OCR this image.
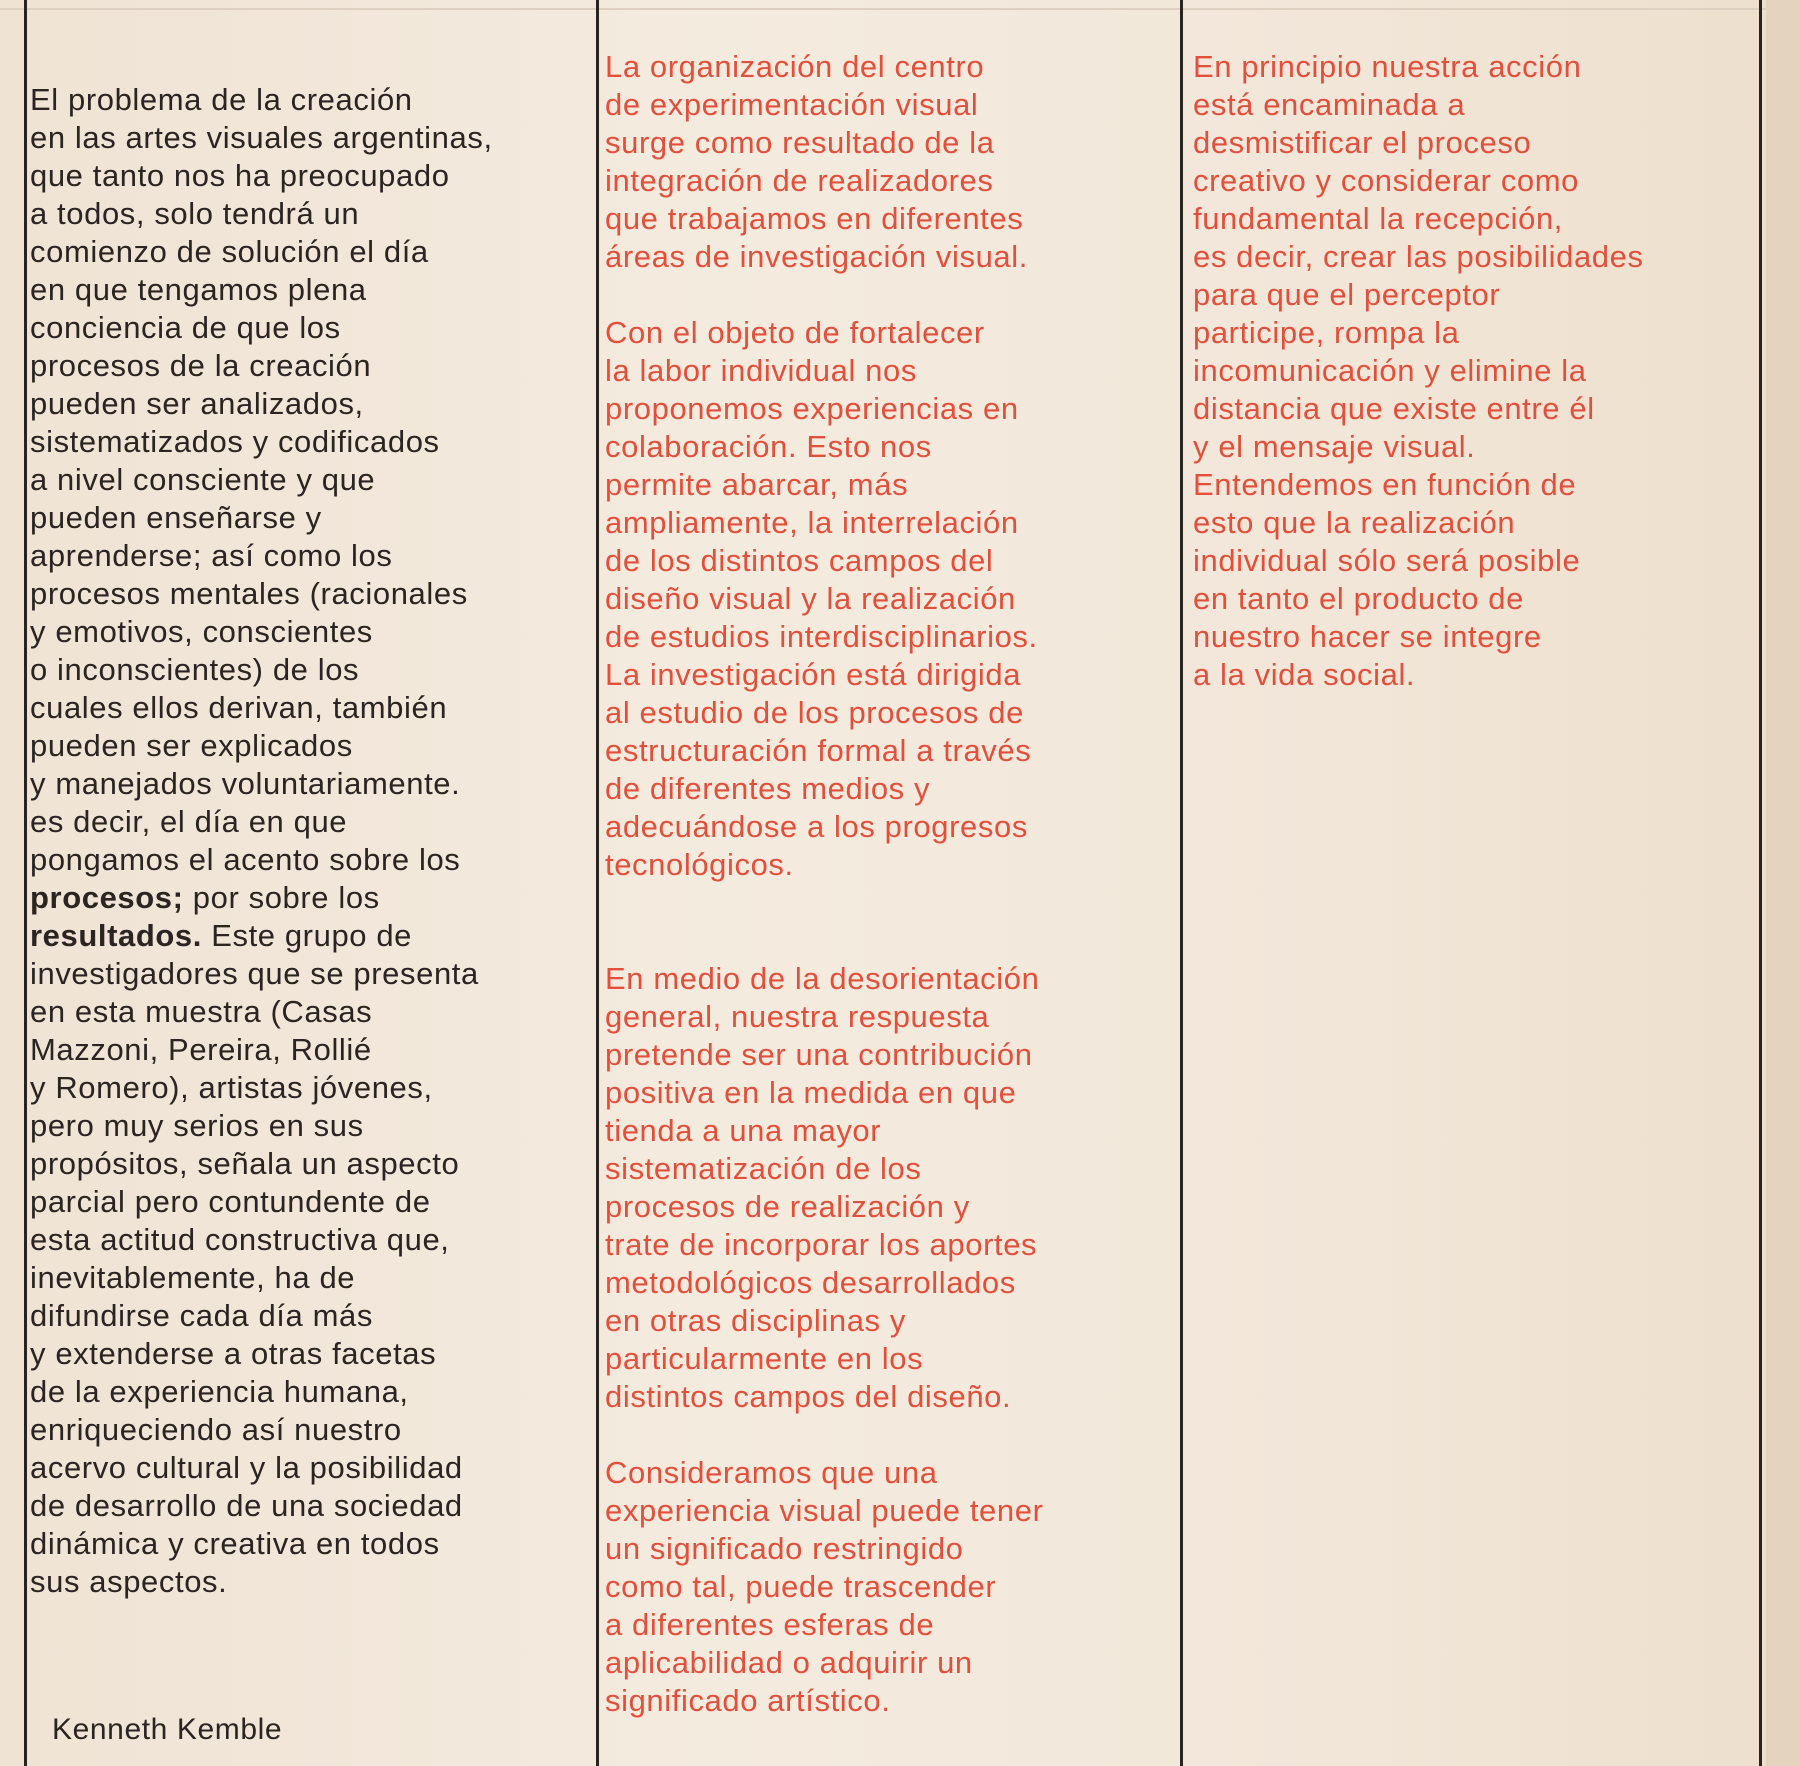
El problema de la creación
en las artes visuales argentinas,
que tanto nos ha preocupado
a todos, solo tendrá un
comienzo de solución el día
en que tengamos plena
conciencia de que los
procesos de la creación
pueden ser analizados,
sistematizados y codificados
a nivel consciente y que
pueden enseñarse y
aprenderse; así como los
procesos mentales (racionales
y emotivos, conscientes
o inconscientes) de los
cuales ellos derivan, también
pueden ser explicados
y manejados voluntariamente.
es decir, el día en que
pongamos el acento sobre los
procesos; por sobre los
resultados. Este grupo de
investigadores que se presenta
en esta muestra (Casas
Mazzoni, Pereira, Rollié
y Romero), artistas jóvenes,
pero muy serios en sus
propósitos, señala un aspecto
parcial pero contundente de
esta actitud constructiva que,
inevitablemente, ha de
difundirse cada día más
y extenderse a otras facetas
de la experiencia humana,
enriqueciendo así nuestro
acervo cultural y la posibilidad
de desarrollo de una sociedad
dinámica y creativa en todos
sus aspectos.

Kenneth Kemble

La organización del centro
de experimentación visual
surge como resultado de la
integración de realizadores
que trabajamos en diferentes
áreas de investigación visual.

Con el objeto de fortalecer
la labor individual nos
proponemos experiencias en
colaboración. Esto nos
permite abarcar, más
ampliamente, la interrelación
de los distintos campos del
diseño visual y la realización
de estudios interdisciplinarios.
La investigación está dirigida
al estudio de los procesos de
estructuración formal a través
de diferentes medios y
adecuándose a los progresos
tecnológicos.

En medio de la desorientación
general, nuestra respuesta
pretende ser una contribución
positiva en la medida en que
tienda a una mayor
sistematización de los
procesos de realización y
trate de incorporar los aportes
metodológicos desarrollados
en otras disciplinas y
particularmente en los
distintos campos del diseño.

Consideramos que una
experiencia visual puede tener
un significado restringido
como tal, puede trascender
a diferentes esferas de
aplicabilidad o adquirir un
significado artístico.

En principio nuestra acción
está encaminada a
desmistificar el proceso
creativo y considerar como
fundamental la recepción,
es decir, crear las posibilidades
para que el perceptor
participe, rompa la
incomunicación y elimine la
distancia que existe entre él
y el mensaje visual.
Entendemos en función de
esto que la realización
individual sólo será posible
en tanto el producto de
nuestro hacer se integre
a la vida social.
